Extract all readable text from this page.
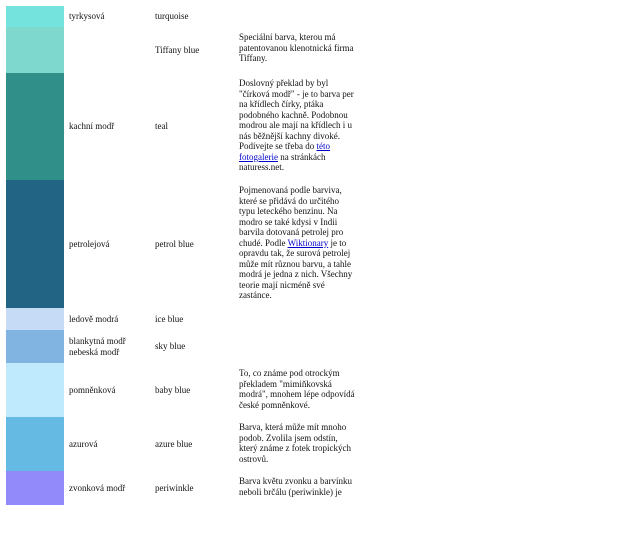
	tyrkysová	turquoise	
		Tiffany blue	Speciální barva, kterou má patentovanou klenotnická firma Tiffany.
	kachní modř	teal	Doslovný překlad by byl "čírková modř" - je to barva per na křídlech čírky, ptáka podobného kachně. Podobnou modrou ale mají na křídlech i u nás běžnější kachny divoké. Podívejte se třeba do této fotogalerie na stránkách naturess.net.
	petrolejová	petrol blue	Pojmenovaná podle barviva, které se přidává do určitého typu leteckého benzinu. Na modro se také kdysi v Indii barvila dotovaná petrolej pro chudé. Podle Wiktionary je to opravdu tak, že surová petrolej může mít různou barvu, a tahle modrá je jedna z nich. Všechny teorie mají nicméně své zastánce.
	ledově modrá	ice blue	
	blankytná modř nebeská modř	sky blue	
	pomněnková	baby blue	To, co známe pod otrockým překladem "mimiňkovská modrá", mnohem lépe odpovídá české pomněnkové.
	azurová	azure blue	Barva, která může mít mnoho podob. Zvolila jsem odstín, který známe z fotek tropických ostrovů.
	zvonková modř	periwinkle	Barva květu zvonku a barvínku neboli brčálu (periwinkle) je
